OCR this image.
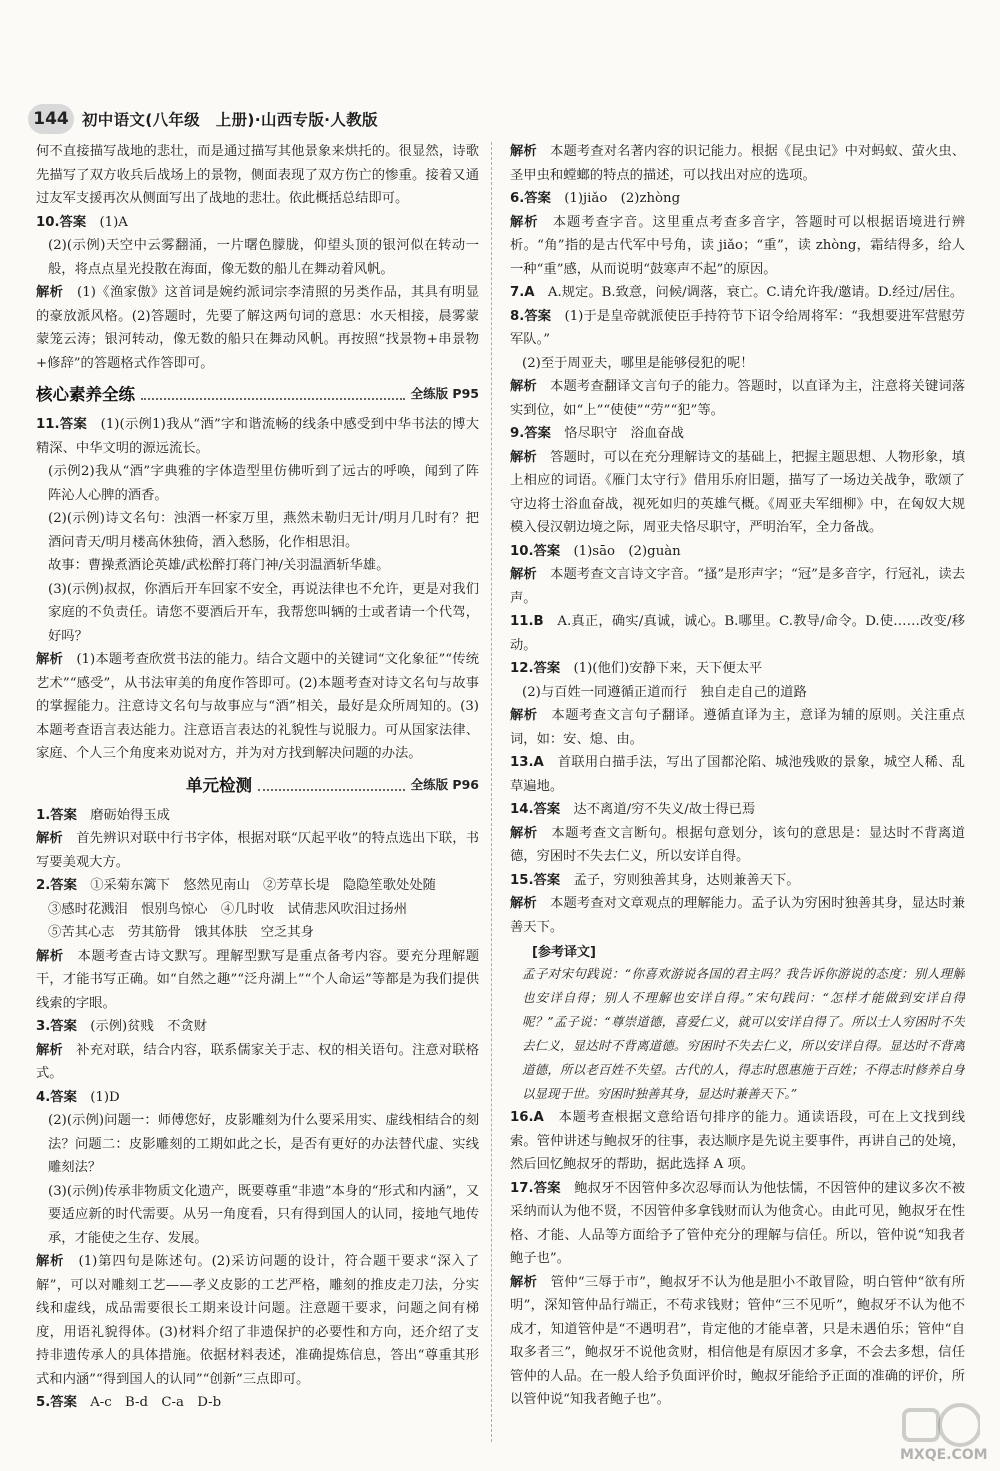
144 初中语文(八年级　上册)·山西专版·人教版

何不直接描写战地的悲壮，而是通过描写其他景象来烘托的。很显然，诗歌先描写了双方收兵后战场上的景物，侧面表现了双方伤亡的惨重。接着又通过友军支援再次从侧面写出了战地的悲壮。依此概括总结即可。

10.答案　(1)A

(2)(示例)天空中云雾翻涌，一片曙色朦胧，仰望头顶的银河似在转动一般，将点点星光投散在海面，像无数的船儿在舞动着风帆。

解析　(1)《渔家傲》这首词是婉约派词宗李清照的另类作品，其具有明显的豪放派风格。(2)答题时，先要了解这两句词的意思：水天相接，晨雾蒙蒙笼云涛；银河转动，像无数的船只在舞动风帆。再按照“找景物+串景物+修辞”的答题格式作答即可。

核心素养全练	全练版 P95

11.答案　(1)(示例1)我从“酒”字和谐流畅的线条中感受到中华书法的博大精深、中华文明的源远流长。

(示例2)我从“酒”字典雅的字体造型里仿佛听到了远古的呼唤，闻到了阵阵沁人心脾的酒香。

(2)(示例)诗文名句：浊酒一杯家万里，燕然未勒归无计/明月几时有？把酒问青天/明月楼高休独倚，酒入愁肠，化作相思泪。

故事：曹操煮酒论英雄/武松醉打蒋门神/关羽温酒斩华雄。

(3)(示例)叔叔，你酒后开车回家不安全，再说法律也不允许，更是对我们家庭的不负责任。请您不要酒后开车，我帮您叫辆的士或者请一个代驾，好吗？

解析　(1)本题考查欣赏书法的能力。结合文题中的关键词“文化象征”“传统艺术”“感受”，从书法审美的角度作答即可。(2)本题考查对诗文名句与故事的掌握能力。注意诗文名句与故事应与“酒”相关，最好是众所周知的。(3)本题考查语言表达能力。注意语言表达的礼貌性与说服力。可从国家法律、家庭、个人三个角度来劝说对方，并为对方找到解决问题的办法。

单元检测	全练版 P96

1.答案　磨砺始得玉成

解析　首先辨识对联中行书字体，根据对联“仄起平收”的特点选出下联，书写要美观大方。

2.答案　①采菊东篱下　悠然见南山　②芳草长堤　隐隐笙歌处处随

③感时花溅泪　恨别鸟惊心　④几时收　试倩悲风吹泪过扬州

⑤苦其心志　劳其筋骨　饿其体肤　空乏其身

解析　本题考查古诗文默写。理解型默写是重点备考内容。要充分理解题干，才能书写正确。如“自然之趣”“泛舟湖上”“个人命运”等都是为我们提供线索的字眼。

3.答案　(示例)贫贱　不贪财

解析　补充对联，结合内容，联系儒家关于志、权的相关语句。注意对联格式。

4.答案　(1)D

(2)(示例)问题一：师傅您好，皮影雕刻为什么要采用实、虚线相结合的刻法？问题二：皮影雕刻的工期如此之长，是否有更好的办法替代虚、实线雕刻法？

(3)(示例)传承非物质文化遗产，既要尊重“非遗”本身的“形式和内涵”，又要适应新的时代需要。从另一角度看，只有得到国人的认同，接地气地传承，才能使之生存、发展。

解析　(1)第四句是陈述句。(2)采访问题的设计，符合题干要求“深入了解”，可以对雕刻工艺——孝义皮影的工艺严格，雕刻的推皮走刀法，分实线和虚线，成品需要很长工期来设计问题。注意题干要求，问题之间有梯度，用语礼貌得体。(3)材料介绍了非遗保护的必要性和方向，还介绍了支持非遗传承人的具体措施。依据材料表述，准确提炼信息，答出“尊重其形式和内涵”“得到国人的认同”“创新”三点即可。

5.答案　A-c　B-d　C-a　D-b

解析　本题考查对名著内容的识记能力。根据《昆虫记》中对蚂蚁、萤火虫、圣甲虫和螳螂的特点的描述，可以找出对应的选项。

6.答案　(1)jiǎo　(2)zhòng

解析　本题考查字音。这里重点考查多音字，答题时可以根据语境进行辨析。“角”指的是古代军中号角，读 jiǎo；“重”，读 zhòng，霜结得多，给人一种“重”感，从而说明“鼓寒声不起”的原因。

7.A　A.规定。B.致意，问候/调落，衰亡。C.请允许我/邀请。D.经过/居住。

8.答案　(1)于是皇帝就派使臣手持符节下诏令给周将军：“我想要进军营慰劳军队。”

(2)至于周亚夫，哪里是能够侵犯的呢！

解析　本题考查翻译文言句子的能力。答题时，以直译为主，注意将关键词落实到位，如“上”“使使”“劳”“犯”等。

9.答案　恪尽职守　浴血奋战

解析　答题时，可以在充分理解诗文的基础上，把握主题思想、人物形象，填上相应的词语。《雁门太守行》借用乐府旧题，描写了一场边关战争，歌颂了守边将士浴血奋战，视死如归的英雄气概。《周亚夫军细柳》中，在匈奴大规模入侵汉朝边境之际，周亚夫恪尽职守，严明治军，全力备战。

10.答案　(1)sāo　(2)guàn

解析　本题考查文言诗文字音。“搔”是形声字；“冠”是多音字，行冠礼，读去声。

11.B　A.真正，确实/真诚，诚心。B.哪里。C.教导/命令。D.使……改变/移动。

12.答案　(1)(他们)安静下来，天下便太平

(2)与百姓一同遵循正道而行　独自走自己的道路

解析　本题考查文言句子翻译。遵循直译为主，意译为辅的原则。关注重点词，如：安、熄、由。

13.A　首联用白描手法，写出了国都沦陷、城池残败的景象，城空人稀、乱草遍地。

14.答案　达不离道/穷不失义/故士得已焉

解析　本题考查文言断句。根据句意划分，该句的意思是：显达时不背离道德，穷困时不失去仁义，所以安详自得。

15.答案　孟子，穷则独善其身，达则兼善天下。

解析　本题考查对文章观点的理解能力。孟子认为穷困时独善其身，显达时兼善天下。

[参考译文]
孟子对宋句践说：“你喜欢游说各国的君主吗？我告诉你游说的态度：别人理解也安详自得；别人不理解也安详自得。”宋句践问：“怎样才能做到安详自得呢？”孟子说：“尊崇道德，喜爱仁义，就可以安详自得了。所以士人穷困时不失去仁义，显达时不背离道德。穷困时不失去仁义，所以安详自得。显达时不背离道德，所以老百姓不失望。古代的人，得志时恩惠施于百姓；不得志时修养自身以显现于世。穷困时独善其身，显达时兼善天下。”

16.A　本题考查根据文意给语句排序的能力。通读语段，可在上文找到线索。管仲讲述与鲍叔牙的往事，表达顺序是先说主要事件，再讲自己的处境，然后回忆鲍叔牙的帮助，据此选择 A 项。

17.答案　鲍叔牙不因管仲多次忍辱而认为他怯懦，不因管仲的建议多次不被采纳而认为他不贤，不因管仲多拿钱财而认为他贪心。由此可见，鲍叔牙在性格、才能、人品等方面给予了管仲充分的理解与信任。所以，管仲说“知我者鲍子也”。

解析　管仲“三辱于市”，鲍叔牙不认为他是胆小不敢冒险，明白管仲“欲有所明”，深知管仲品行端正，不苟求钱财；管仲“三不见听”，鲍叔牙不认为他不成才，知道管仲是“不遇明君”，肯定他的才能卓著，只是未遇伯乐；管仲“自取多者三”，鲍叔牙不说他贪财，相信他是有原因才多拿，不会去多想，信任管仲的人品。在一般人给予负面评价时，鲍叔牙能给予正面的准确的评价，所以管仲说“知我者鲍子也”。

MXQE.COM
